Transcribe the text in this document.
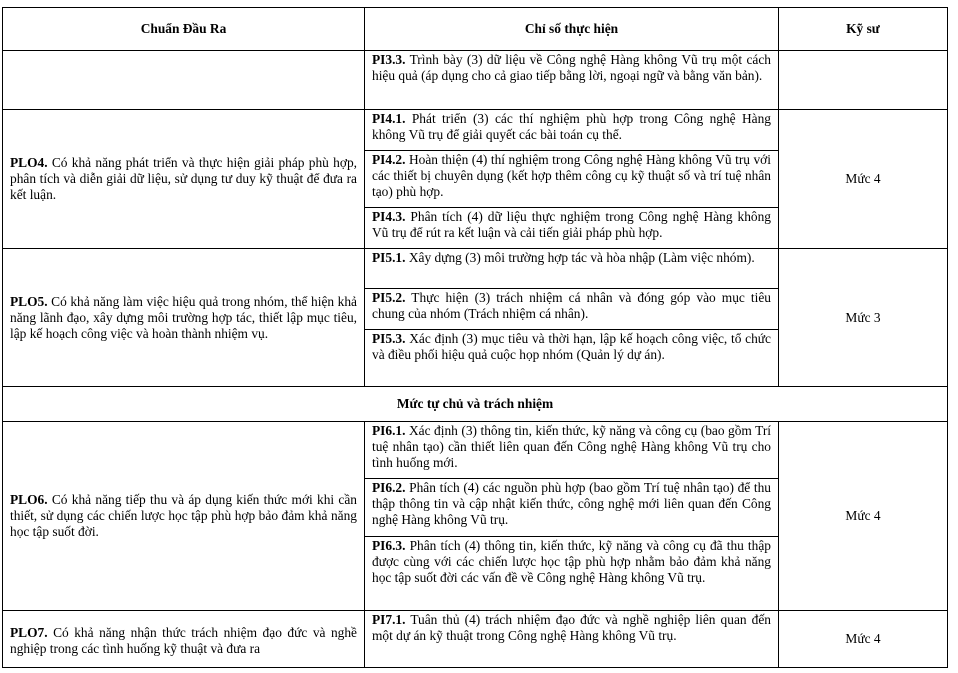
Chuẩn Đầu Ra	Chỉ số thực hiện	Kỹ sư
	PI3.3. Trình bày (3) dữ liệu về Công nghệ Hàng không Vũ trụ một cách hiệu quả (áp dụng cho cả giao tiếp bằng lời, ngoại ngữ và bằng văn bản).	
PLO4. Có khả năng phát triển và thực hiện giải pháp phù hợp, phân tích và diễn giải dữ liệu, sử dụng tư duy kỹ thuật để đưa ra kết luận.	PI4.1. Phát triển (3) các thí nghiệm phù hợp trong Công nghệ Hàng không Vũ trụ để giải quyết các bài toán cụ thể.	Mức 4
	PI4.2. Hoàn thiện (4) thí nghiệm trong Công nghệ Hàng không Vũ trụ với các thiết bị chuyên dụng (kết hợp thêm công cụ kỹ thuật số và trí tuệ nhân tạo) phù hợp.	
	PI4.3. Phân tích (4) dữ liệu thực nghiệm trong Công nghệ Hàng không Vũ trụ để rút ra kết luận và cải tiến giải pháp phù hợp.	
PLO5. Có khả năng làm việc hiệu quả trong nhóm, thể hiện khả năng lãnh đạo, xây dựng môi trường hợp tác, thiết lập mục tiêu, lập kế hoạch công việc và hoàn thành nhiệm vụ.	PI5.1. Xây dựng (3) môi trường hợp tác và hòa nhập (Làm việc nhóm).	Mức 3
	PI5.2. Thực hiện (3) trách nhiệm cá nhân và đóng góp vào mục tiêu chung của nhóm (Trách nhiệm cá nhân).	
	PI5.3. Xác định (3) mục tiêu và thời hạn, lập kế hoạch công việc, tổ chức và điều phối hiệu quả cuộc họp nhóm (Quản lý dự án).	
Mức tự chủ và trách nhiệm		
PLO6. Có khả năng tiếp thu và áp dụng kiến thức mới khi cần thiết, sử dụng các chiến lược học tập phù hợp bảo đảm khả năng học tập suốt đời.	PI6.1. Xác định (3) thông tin, kiến thức, kỹ năng và công cụ (bao gồm Trí tuệ nhân tạo) cần thiết liên quan đến Công nghệ Hàng không Vũ trụ cho tình huống mới.	Mức 4
	PI6.2. Phân tích (4) các nguồn phù hợp (bao gồm Trí tuệ nhân tạo) để thu thập thông tin và cập nhật kiến thức, công nghệ mới liên quan đến Công nghệ Hàng không Vũ trụ.	
	PI6.3. Phân tích (4) thông tin, kiến thức, kỹ năng và công cụ đã thu thập được cùng với các chiến lược học tập phù hợp nhằm bảo đảm khả năng học tập suốt đời các vấn đề về Công nghệ Hàng không Vũ trụ.	
PLO7. Có khả năng nhận thức trách nhiệm đạo đức và nghề nghiệp trong các tình huống kỹ thuật và đưa ra	PI7.1. Tuân thủ (4) trách nhiệm đạo đức và nghề nghiệp liên quan đến một dự án kỹ thuật trong Công nghệ Hàng không Vũ trụ.	Mức 4
